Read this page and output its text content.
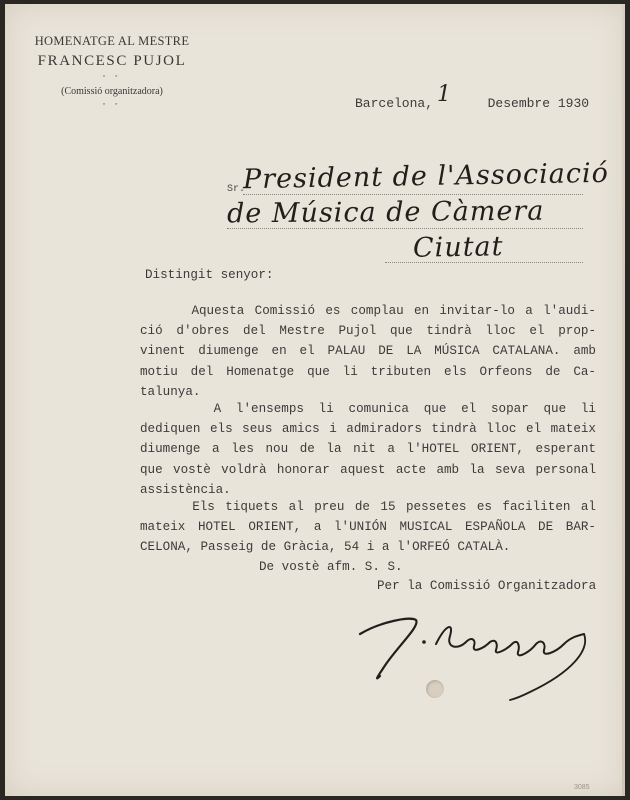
HOMENATGE AL MESTRE
FRANCESC PUJOL
◦ ◦
(Comissió organitzadora)
◦ ◦	Barcelona,	Desembre 1930
1
Sr.
President de l'Associació
de Música de Càmera
Ciutat
Distingit senyor:
Aquesta Comissió es complau en invitar-lo a l'audi-
ció d'obres del Mestre Pujol que tindrà lloc el prop-
vinent diumenge en el PALAU DE LA MÚSICA CATALANA. amb
motiu del Homenatge que li tributen els Orfeons de Ca-
talunya.
A l'ensemps li comunica que el sopar que li
dediquen els seus amics i admiradors tindrà lloc el mateix
diumenge a les nou de la nit a l'HOTEL ORIENT, esperant
que vostè voldrà honorar aquest acte amb la seva personal
assistència.
Els tiquets al preu de 15 pessetes es faciliten al
mateix HOTEL ORIENT, a l'UNIÓN MUSICAL ESPAÑOLA DE BAR-
CELONA, Passeig de Gràcia, 54 i a l'ORFEÓ CATALÀ.
De vostè afm. S. S.
Per la Comissió Organitzadora
3085
